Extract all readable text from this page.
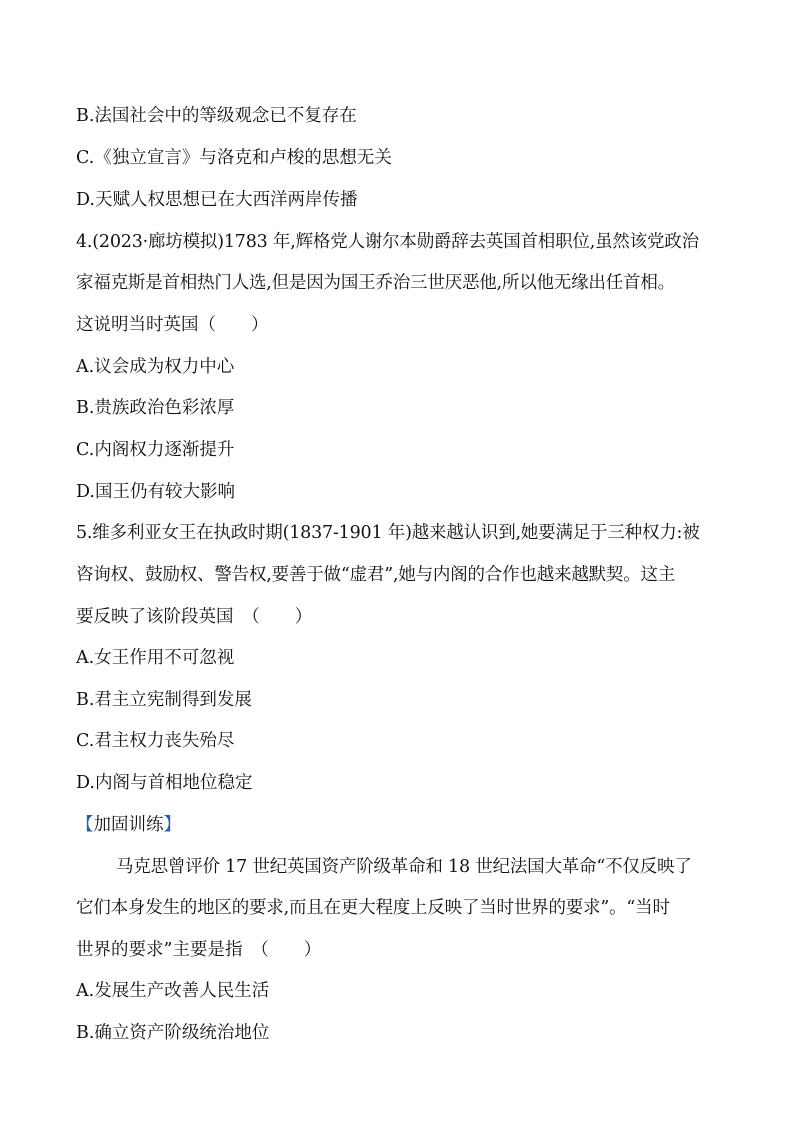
B.法国社会中的等级观念已不复存在
C.《独立宣言》与洛克和卢梭的思想无关
D.天赋人权思想已在大西洋两岸传播
4.(2023·廊坊模拟)1783 年,辉格党人谢尔本勋爵辞去英国首相职位,虽然该党政治
家福克斯是首相热门人选,但是因为国王乔治三世厌恶他,所以他无缘出任首相。
这说明当时英国（　　）
A.议会成为权力中心
B.贵族政治色彩浓厚
C.内阁权力逐渐提升
D.国王仍有较大影响
5.维多利亚女王在执政时期(1837-1901 年)越来越认识到,她要满足于三种权力:被
咨询权、鼓励权、警告权,要善于做“虚君”,她与内阁的合作也越来越默契。这主
要反映了该阶段英国　（　　）
A.女王作用不可忽视
B.君主立宪制得到发展
C.君主权力丧失殆尽
D.内阁与首相地位稳定
【加固训练】
马克思曾评价 17 世纪英国资产阶级革命和 18 世纪法国大革命“不仅反映了
它们本身发生的地区的要求,而且在更大程度上反映了当时世界的要求”。“当时
世界的要求”主要是指　（　　）
A.发展生产改善人民生活
B.确立资产阶级统治地位
